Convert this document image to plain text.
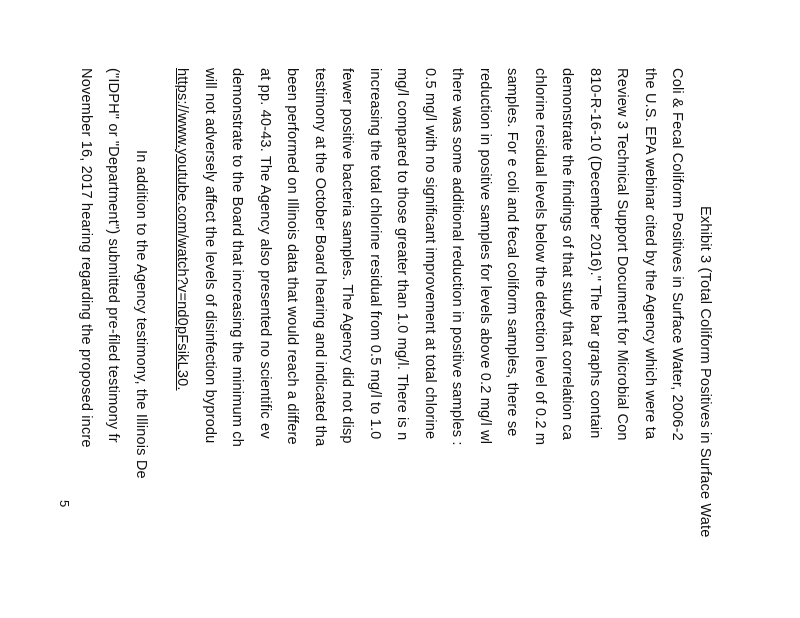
Exhibit 3 (Total Coliform Positives in Surface Wate
Coli & Fecal Coliform Positives in Surface Water, 2006-2
the U.S. EPA webinar cited by the Agency which were ta
Review 3 Technical Support Document for Microbial Con
810-R-16-10 (December 2016)." The bar graphs contain
demonstrate the findings of that study that correlation ca
chlorine residual levels below the detection level of 0.2 m
samples. For e coli and fecal coliform samples, there se
reduction in positive samples for levels above 0.2 mg/l wl
there was some additional reduction in positive samples :
0.5 mg/l with no significant improvement at total chlorine
mg/l compared to those greater than 1.0 mg/l. There is n
increasing the total chlorine residual from 0.5 mg/l to 1.0
fewer positive bacteria samples. The Agency did not disp
testimony at the October Board hearing and indicated tha
been performed on Illinois data that would reach a differe
at pp. 40-43. The Agency also presented no scientific ev
demonstrate to the Board that increasing the minimum ch
will not adversely affect the levels of disinfection byprodu
https://www.youtube.com/watch?v=nd0pFsikL30.
In addition to the Agency testimony, the Illinois De
("IDPH" or "Department") submitted pre-filed testimony fr
November 16, 2017 hearing regarding the proposed incre
5
